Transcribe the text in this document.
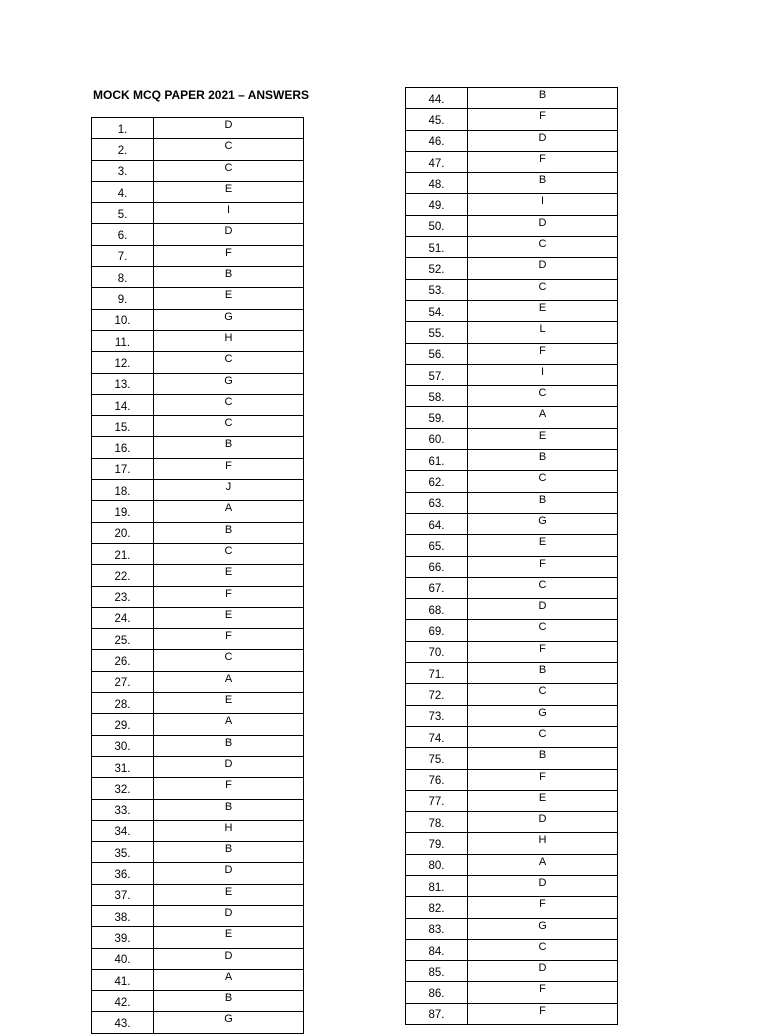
MOCK MCQ PAPER 2021 – ANSWERS
1.	D
2.	C
3.	C
4.	E
5.	I
6.	D
7.	F
8.	B
9.	E
10.	G
11.	H
12.	C
13.	G
14.	C
15.	C
16.	B
17.	F
18.	J
19.	A
20.	B
21.	C
22.	E
23.	F
24.	E
25.	F
26.	C
27.	A
28.	E
29.	A
30.	B
31.	D
32.	F
33.	B
34.	H
35.	B
36.	D
37.	E
38.	D
39.	E
40.	D
41.	A
42.	B
43.	G
44.	B
45.	F
46.	D
47.	F
48.	B
49.	I
50.	D
51.	C
52.	D
53.	C
54.	E
55.	L
56.	F
57.	I
58.	C
59.	A
60.	E
61.	B
62.	C
63.	B
64.	G
65.	E
66.	F
67.	C
68.	D
69.	C
70.	F
71.	B
72.	C
73.	G
74.	C
75.	B
76.	F
77.	E
78.	D
79.	H
80.	A
81.	D
82.	F
83.	G
84.	C
85.	D
86.	F
87.	F
